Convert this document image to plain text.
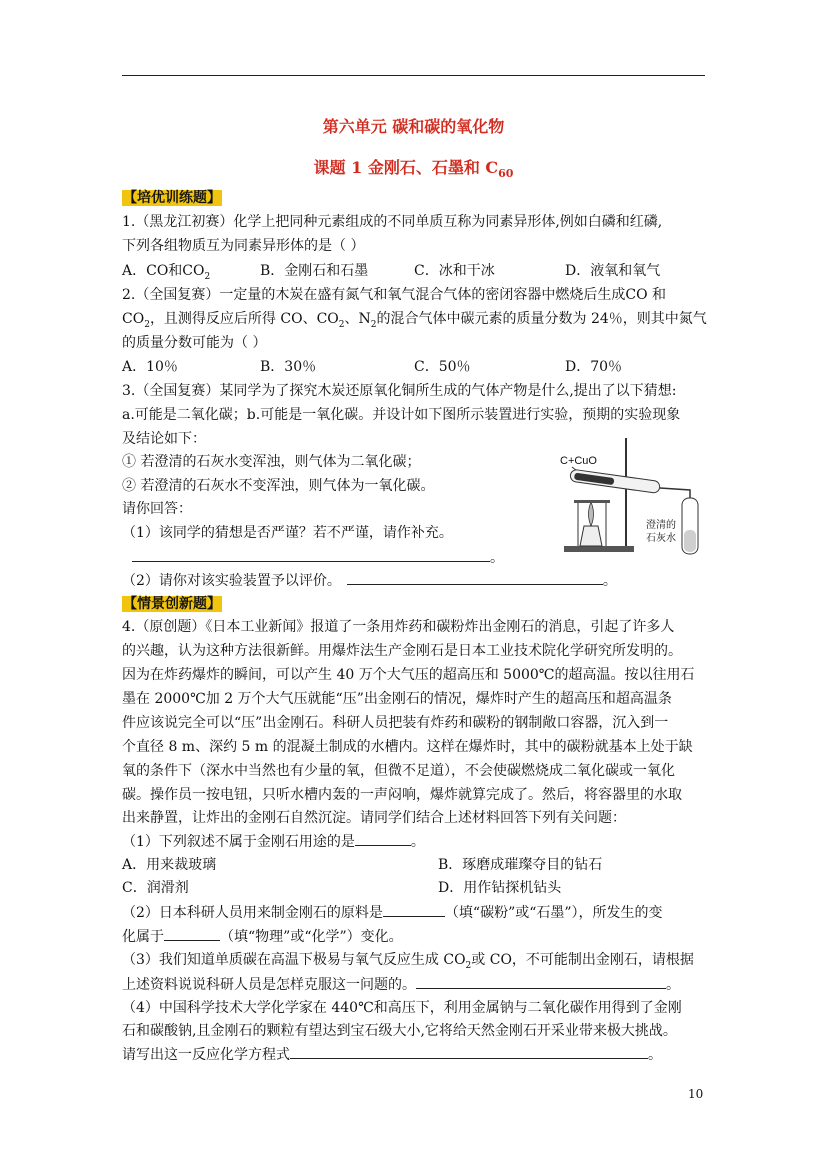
第六单元 碳和碳的氧化物
课题 1 金刚石、石墨和 $C_{60}$
【培优训练题】
1.（黑龙江初赛）化学上把同种元素组成的不同单质互称为同素异形体,例如白磷和红磷,
下列各组物质互为同素异形体的是（ ）
A．CO和$CO_2$	B．金刚石和石墨	C．冰和干冰	D．液氧和氧气
2.（全国复赛）一定量的木炭在盛有氮气和氧气混合气体的密闭容器中燃烧后生成CO 和
$CO_2$，且测得反应后所得 CO、$CO_2$、$N_2$的混合气体中碳元素的质量分数为 24％，则其中氮气
的质量分数可能为（ ）
A．10％	B．30％	C．50％	D．70％
3.（全国复赛）某同学为了探究木炭还原氧化铜所生成的气体产物是什么,提出了以下猜想:
a.可能是二氧化碳；b.可能是一氧化碳。并设计如下图所示装置进行实验，预期的实验现象
及结论如下：
① 若澄清的石灰水变浑浊，则气体为二氧化碳；
② 若澄清的石灰水不变浑浊，则气体为一氧化碳。
请你回答：
（1）该同学的猜想是否严谨？若不严谨，请作补充。
。
（2）请你对该实验装置予以评价。	。
C+CuO
澄清的
石灰水
【情景创新题】
4.（原创题）《日本工业新闻》报道了一条用炸药和碳粉炸出金刚石的消息，引起了许多人
的兴趣，认为这种方法很新鲜。用爆炸法生产金刚石是日本工业技术院化学研究所发明的。
因为在炸药爆炸的瞬间，可以产生 40 万个大气压的超高压和 5000℃的超高温。按以往用石
墨在 2000℃加 2 万个大气压就能“压”出金刚石的情况，爆炸时产生的超高压和超高温条
件应该说完全可以“压”出金刚石。科研人员把装有炸药和碳粉的钢制敞口容器，沉入到一
个直径 8 m、深约 5 m 的混凝土制成的水槽内。这样在爆炸时，其中的碳粉就基本上处于缺
氧的条件下（深水中当然也有少量的氧，但微不足道），不会使碳燃烧成二氧化碳或一氧化
碳。操作员一按电钮，只听水槽内轰的一声闷响，爆炸就算完成了。然后，将容器里的水取
出来静置，让炸出的金刚石自然沉淀。请同学们结合上述材料回答下列有关问题：
（1）下列叙述不属于金刚石用途的是	。
A．用来裁玻璃	B．琢磨成璀璨夺目的钻石
C．润滑剂	D．用作钻探机钻头
（2）日本科研人员用来制金刚石的原料是	（填“碳粉”或“石墨”），所发生的变
化属于	（填“物理”或“化学”）变化。
（3）我们知道单质碳在高温下极易与氧气反应生成 $CO_2$或 CO，不可能制出金刚石，请根据
上述资料说说科研人员是怎样克服这一问题的。	。
（4）中国科学技术大学化学家在 440℃和高压下，利用金属钠与二氧化碳作用得到了金刚
石和碳酸钠,且金刚石的颗粒有望达到宝石级大小,它将给天然金刚石开采业带来极大挑战。
请写出这一反应化学方程式	。
10
